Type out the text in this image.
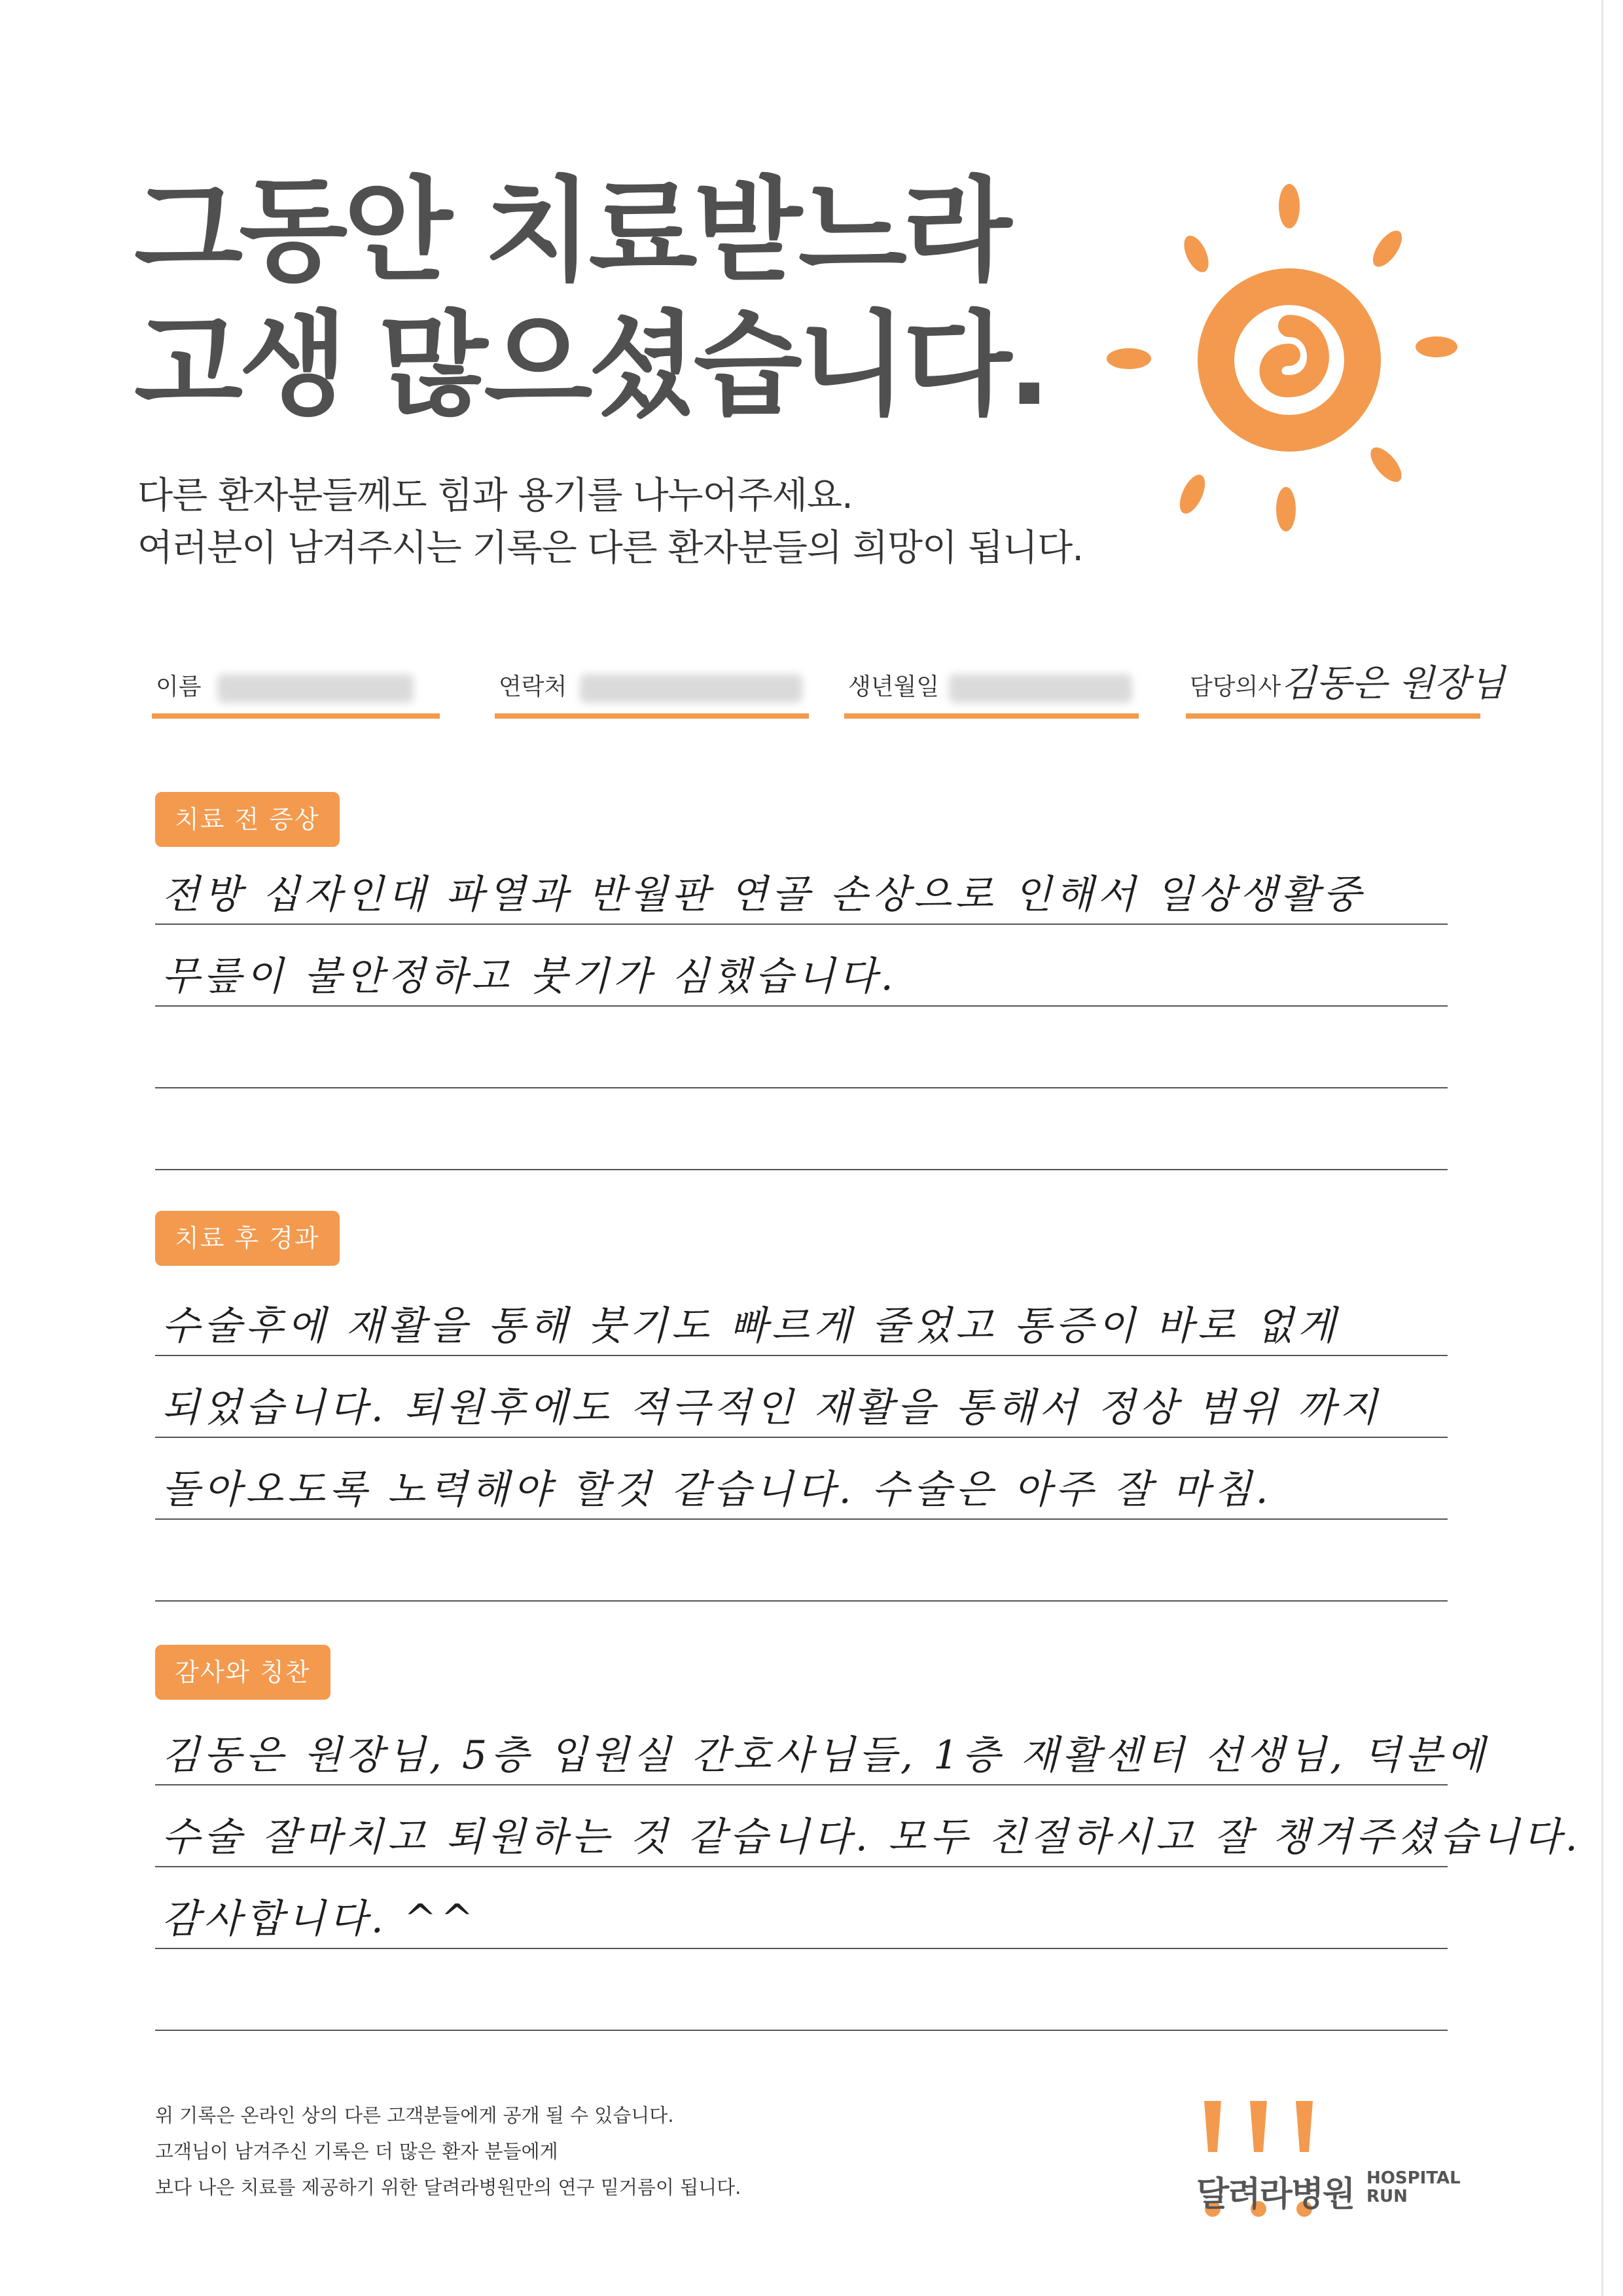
그동안 치료받느라
고생 많으셨습니다.
다른 환자분들께도 힘과 용기를 나누어주세요.
여러분이 남겨주시는 기록은 다른 환자분들의 희망이 됩니다.
이름	연락처	생년월일	담당의사 김동은 원장님
치료 전 증상
전방 십자인대 파열과 반월판 연골 손상으로 인해서 일상생활중
무릎이 불안정하고 붓기가 심했습니다.
치료 후 경과
수술후에 재활을 통해 붓기도 빠르게 줄었고 통증이 바로 없게
되었습니다. 퇴원후에도 적극적인 재활을 통해서 정상 범위 까지
돌아오도록 노력해야 할것 같습니다. 수술은 아주 잘 마침.
감사와 칭찬
김동은 원장님, 5층 입원실 간호사님들, 1층 재활센터 선생님, 덕분에
수술 잘마치고 퇴원하는 것 같습니다. 모두 친절하시고 잘 챙겨주셨습니다.
감사합니다. ^^
위 기록은 온라인 상의 다른 고객분들에게 공개 될 수 있습니다.
고객님이 남겨주신 기록은 더 많은 환자 분들에게
보다 나은 치료를 제공하기 위한 달려라병원만의 연구 밑거름이 됩니다.	달려라병원 HOSPITAL
RUN
